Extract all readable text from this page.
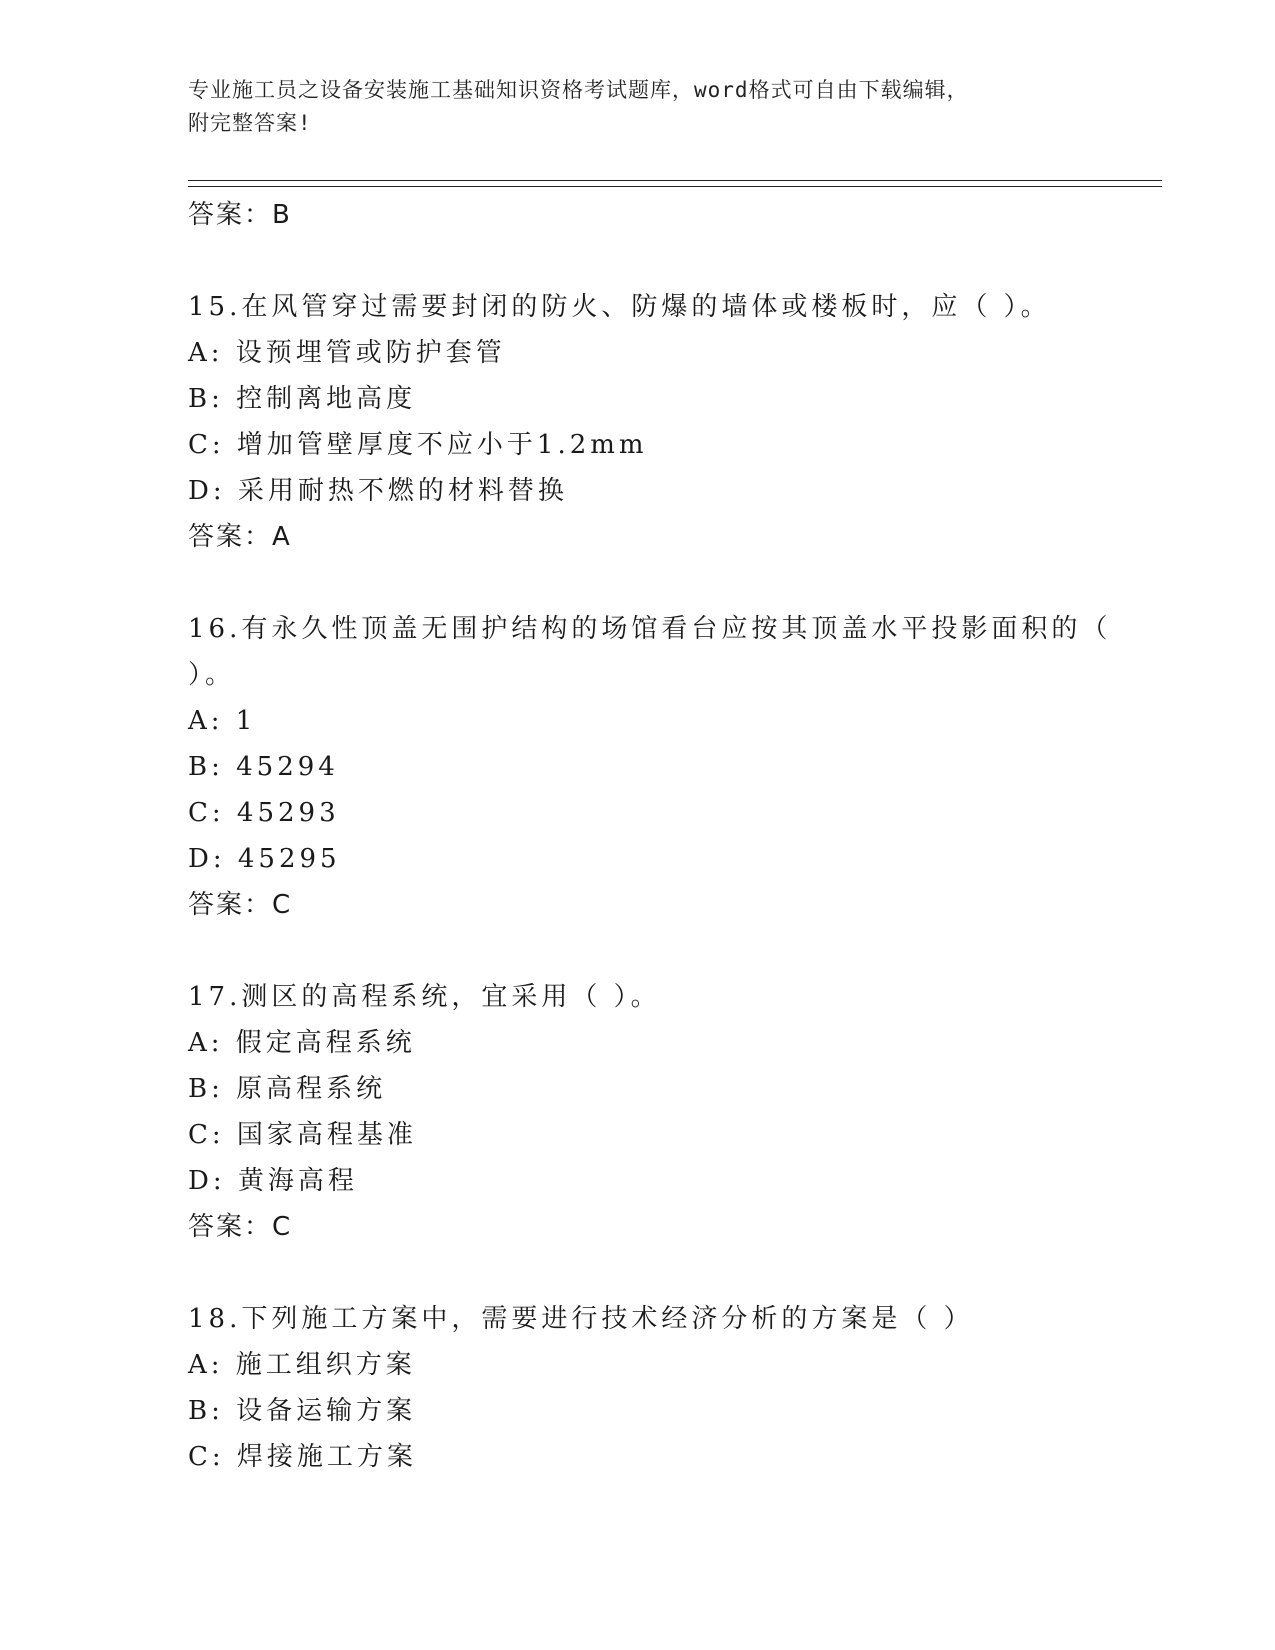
专业施工员之设备安装施工基础知识资格考试题库，word格式可自由下载编辑，
附完整答案!
答案：B
15.在风管穿过需要封闭的防火、防爆的墙体或楼板时，应（ ）。
A: 设预埋管或防护套管
B: 控制离地高度
C: 增加管壁厚度不应小于1.2mm
D: 采用耐热不燃的材料替换
答案：A
16.有永久性顶盖无围护结构的场馆看台应按其顶盖水平投影面积的（
）。
A: 1
B: 45294
C: 45293
D: 45295
答案：C
17.测区的高程系统，宜采用（ ）。
A: 假定高程系统
B: 原高程系统
C: 国家高程基准
D: 黄海高程
答案：C
18.下列施工方案中，需要进行技术经济分析的方案是（ ）
A: 施工组织方案
B: 设备运输方案
C: 焊接施工方案
